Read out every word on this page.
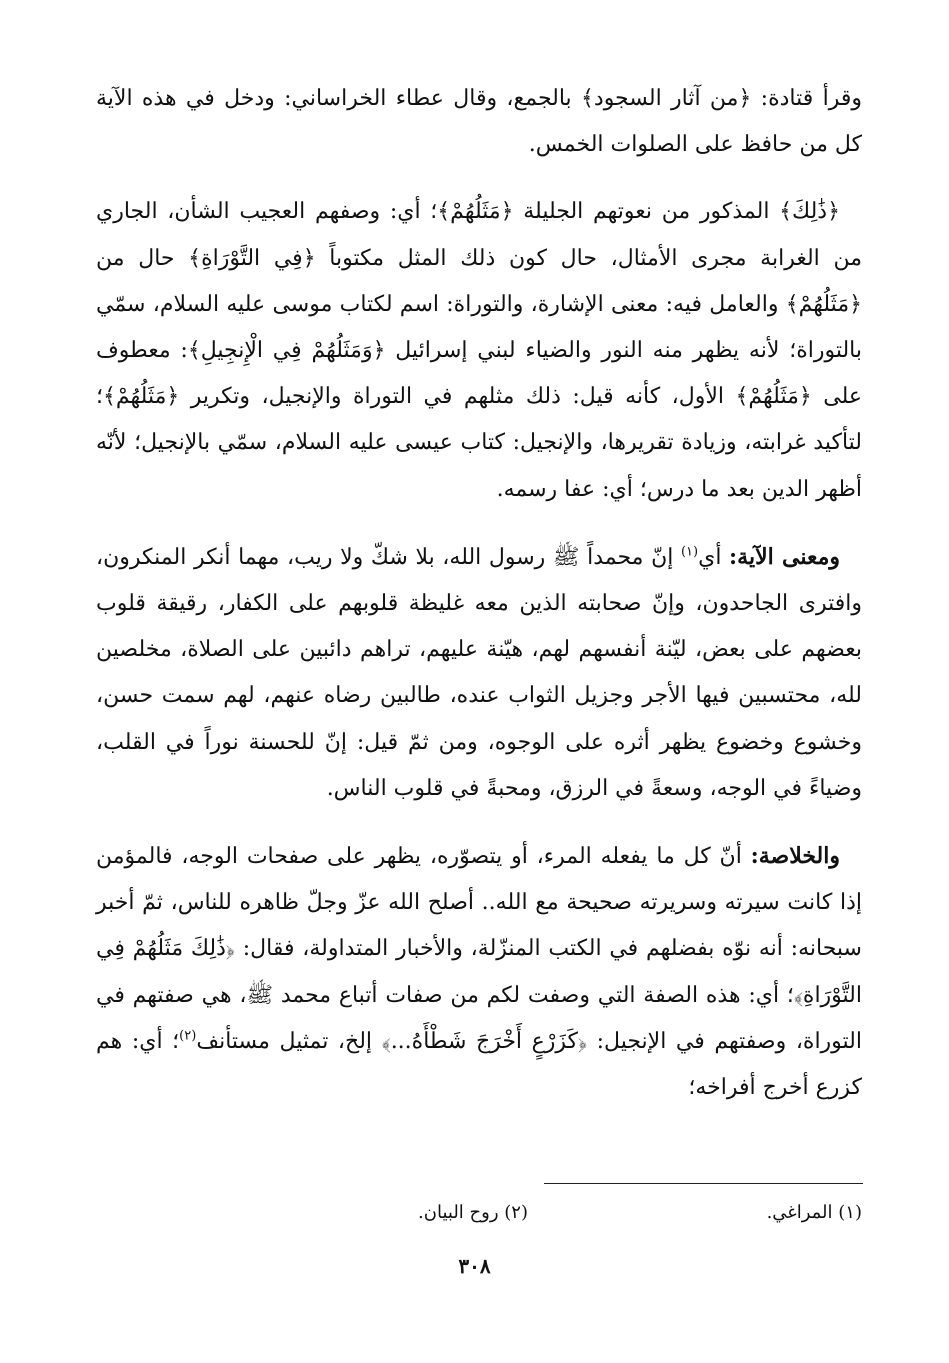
وقرأ قتادة: ﴿من آثار السجود﴾ بالجمع، وقال عطاء الخراساني: ودخل في هذه الآية كل من حافظ على الصلوات الخمس.

﴿ذَٰلِكَ﴾ المذكور من نعوتهم الجليلة ﴿مَثَلُهُمْ﴾؛ أي: وصفهم العجيب الشأن، الجاري من الغرابة مجرى الأمثال، حال كون ذلك المثل مكتوباً ﴿فِي التَّوْرَاةِ﴾ حال من ﴿مَثَلُهُمْ﴾ والعامل فيه: معنى الإشارة، والتوراة: اسم لكتاب موسى عليه السلام، سمّي بالتوراة؛ لأنه يظهر منه النور والضياء لبني إسرائيل ﴿وَمَثَلُهُمْ فِي الْإِنجِيلِ﴾: معطوف على ﴿مَثَلُهُمْ﴾ الأول، كأنه قيل: ذلك مثلهم في التوراة والإنجيل، وتكرير ﴿مَثَلُهُمْ﴾؛ لتأكيد غرابته، وزيادة تقريرها، والإنجيل: كتاب عيسى عليه السلام، سمّي بالإنجيل؛ لأنّه أظهر الدين بعد ما درس؛ أي: عفا رسمه.

ومعنى الآية: أي$^{(١)}$ إنّ محمداً ﷺ رسول الله، بلا شكّ ولا ريب، مهما أنكر المنكرون، وافترى الجاحدون، وإنّ صحابته الذين معه غليظة قلوبهم على الكفار، رقيقة قلوب بعضهم على بعض، ليّنة أنفسهم لهم، هيّنة عليهم، تراهم دائبين على الصلاة، مخلصين لله، محتسبين فيها الأجر وجزيل الثواب عنده، طالبين رضاه عنهم، لهم سمت حسن، وخشوع وخضوع يظهر أثره على الوجوه، ومن ثمّ قيل: إنّ للحسنة نوراً في القلب، وضياءً في الوجه، وسعةً في الرزق، ومحبةً في قلوب الناس.

والخلاصة: أنّ كل ما يفعله المرء، أو يتصوّره، يظهر على صفحات الوجه، فالمؤمن إذا كانت سيرته وسريرته صحيحة مع الله.. أصلح الله عزّ وجلّ ظاهره للناس، ثمّ أخبر سبحانه: أنه نوّه بفضلهم في الكتب المنزّلة، والأخبار المتداولة، فقال: ﴿ذَٰلِكَ مَثَلُهُمْ فِي التَّوْرَاةِ﴾؛ أي: هذه الصفة التي وصفت لكم من صفات أتباع محمد ﷺ، هي صفتهم في التوراة، وصفتهم في الإنجيل: ﴿كَزَرْعٍ أَخْرَجَ شَطْأَهُ...﴾ إلخ، تمثيل مستأنف$^{(٢)}$؛ أي: هم كزرع أخرج أفراخه؛

(١) المراغي.
(٢) روح البيان.
٣٠٨
